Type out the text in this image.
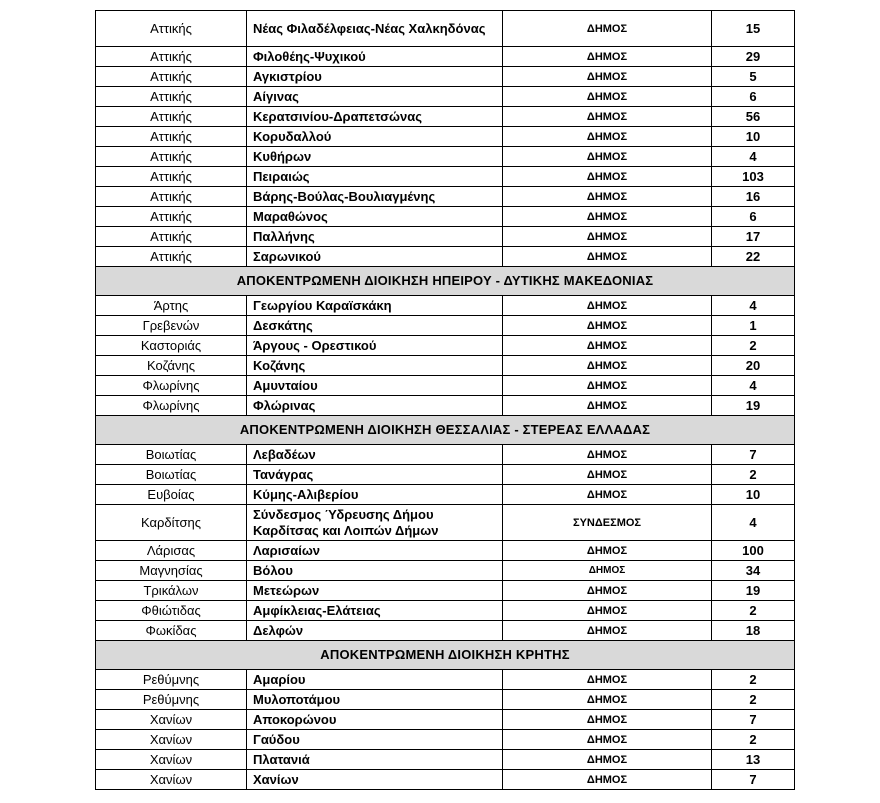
Αττικής	Νέας Φιλαδέλφειας-Νέας Χαλκηδόνας	ΔΗΜΟΣ	15
Αττικής	Φιλοθέης-Ψυχικού	ΔΗΜΟΣ	29
Αττικής	Αγκιστρίου	ΔΗΜΟΣ	5
Αττικής	Αίγινας	ΔΗΜΟΣ	6
Αττικής	Κερατσινίου-Δραπετσώνας	ΔΗΜΟΣ	56
Αττικής	Κορυδαλλού	ΔΗΜΟΣ	10
Αττικής	Κυθήρων	ΔΗΜΟΣ	4
Αττικής	Πειραιώς	ΔΗΜΟΣ	103
Αττικής	Βάρης-Βούλας-Βουλιαγμένης	ΔΗΜΟΣ	16
Αττικής	Μαραθώνος	ΔΗΜΟΣ	6
Αττικής	Παλλήνης	ΔΗΜΟΣ	17
Αττικής	Σαρωνικού	ΔΗΜΟΣ	22
ΑΠΟΚΕΝΤΡΩΜΕΝΗ ΔΙΟΙΚΗΣΗ ΗΠΕΙΡΟΥ - ΔΥΤΙΚΗΣ ΜΑΚΕΔΟΝΙΑΣ			
Άρτης	Γεωργίου Καραϊσκάκη	ΔΗΜΟΣ	4
Γρεβενών	Δεσκάτης	ΔΗΜΟΣ	1
Καστοριάς	Άργους - Ορεστικού	ΔΗΜΟΣ	2
Κοζάνης	Κοζάνης	ΔΗΜΟΣ	20
Φλωρίνης	Αμυνταίου	ΔΗΜΟΣ	4
Φλωρίνης	Φλώρινας	ΔΗΜΟΣ	19
ΑΠΟΚΕΝΤΡΩΜΕΝΗ ΔΙΟΙΚΗΣΗ ΘΕΣΣΑΛΙΑΣ - ΣΤΕΡΕΑΣ ΕΛΛΑΔΑΣ			
Βοιωτίας	Λεβαδέων	ΔΗΜΟΣ	7
Βοιωτίας	Τανάγρας	ΔΗΜΟΣ	2
Ευβοίας	Κύμης-Αλιβερίου	ΔΗΜΟΣ	10
Καρδίτσης	Σύνδεσμος Ύδρευσης Δήμου Καρδίτσας και Λοιπών Δήμων	ΣΥΝΔΕΣΜΟΣ	4
Λάρισας	Λαρισαίων	ΔΗΜΟΣ	100
Μαγνησίας	Βόλου	ΔΗΜΟΣ	34
Τρικάλων	Μετεώρων	ΔΗΜΟΣ	19
Φθιώτιδας	Αμφίκλειας-Ελάτειας	ΔΗΜΟΣ	2
Φωκίδας	Δελφών	ΔΗΜΟΣ	18
ΑΠΟΚΕΝΤΡΩΜΕΝΗ ΔΙΟΙΚΗΣΗ ΚΡΗΤΗΣ			
Ρεθύμνης	Αμαρίου	ΔΗΜΟΣ	2
Ρεθύμνης	Μυλοποτάμου	ΔΗΜΟΣ	2
Χανίων	Αποκορώνου	ΔΗΜΟΣ	7
Χανίων	Γαύδου	ΔΗΜΟΣ	2
Χανίων	Πλατανιά	ΔΗΜΟΣ	13
Χανίων	Χανίων	ΔΗΜΟΣ	7
